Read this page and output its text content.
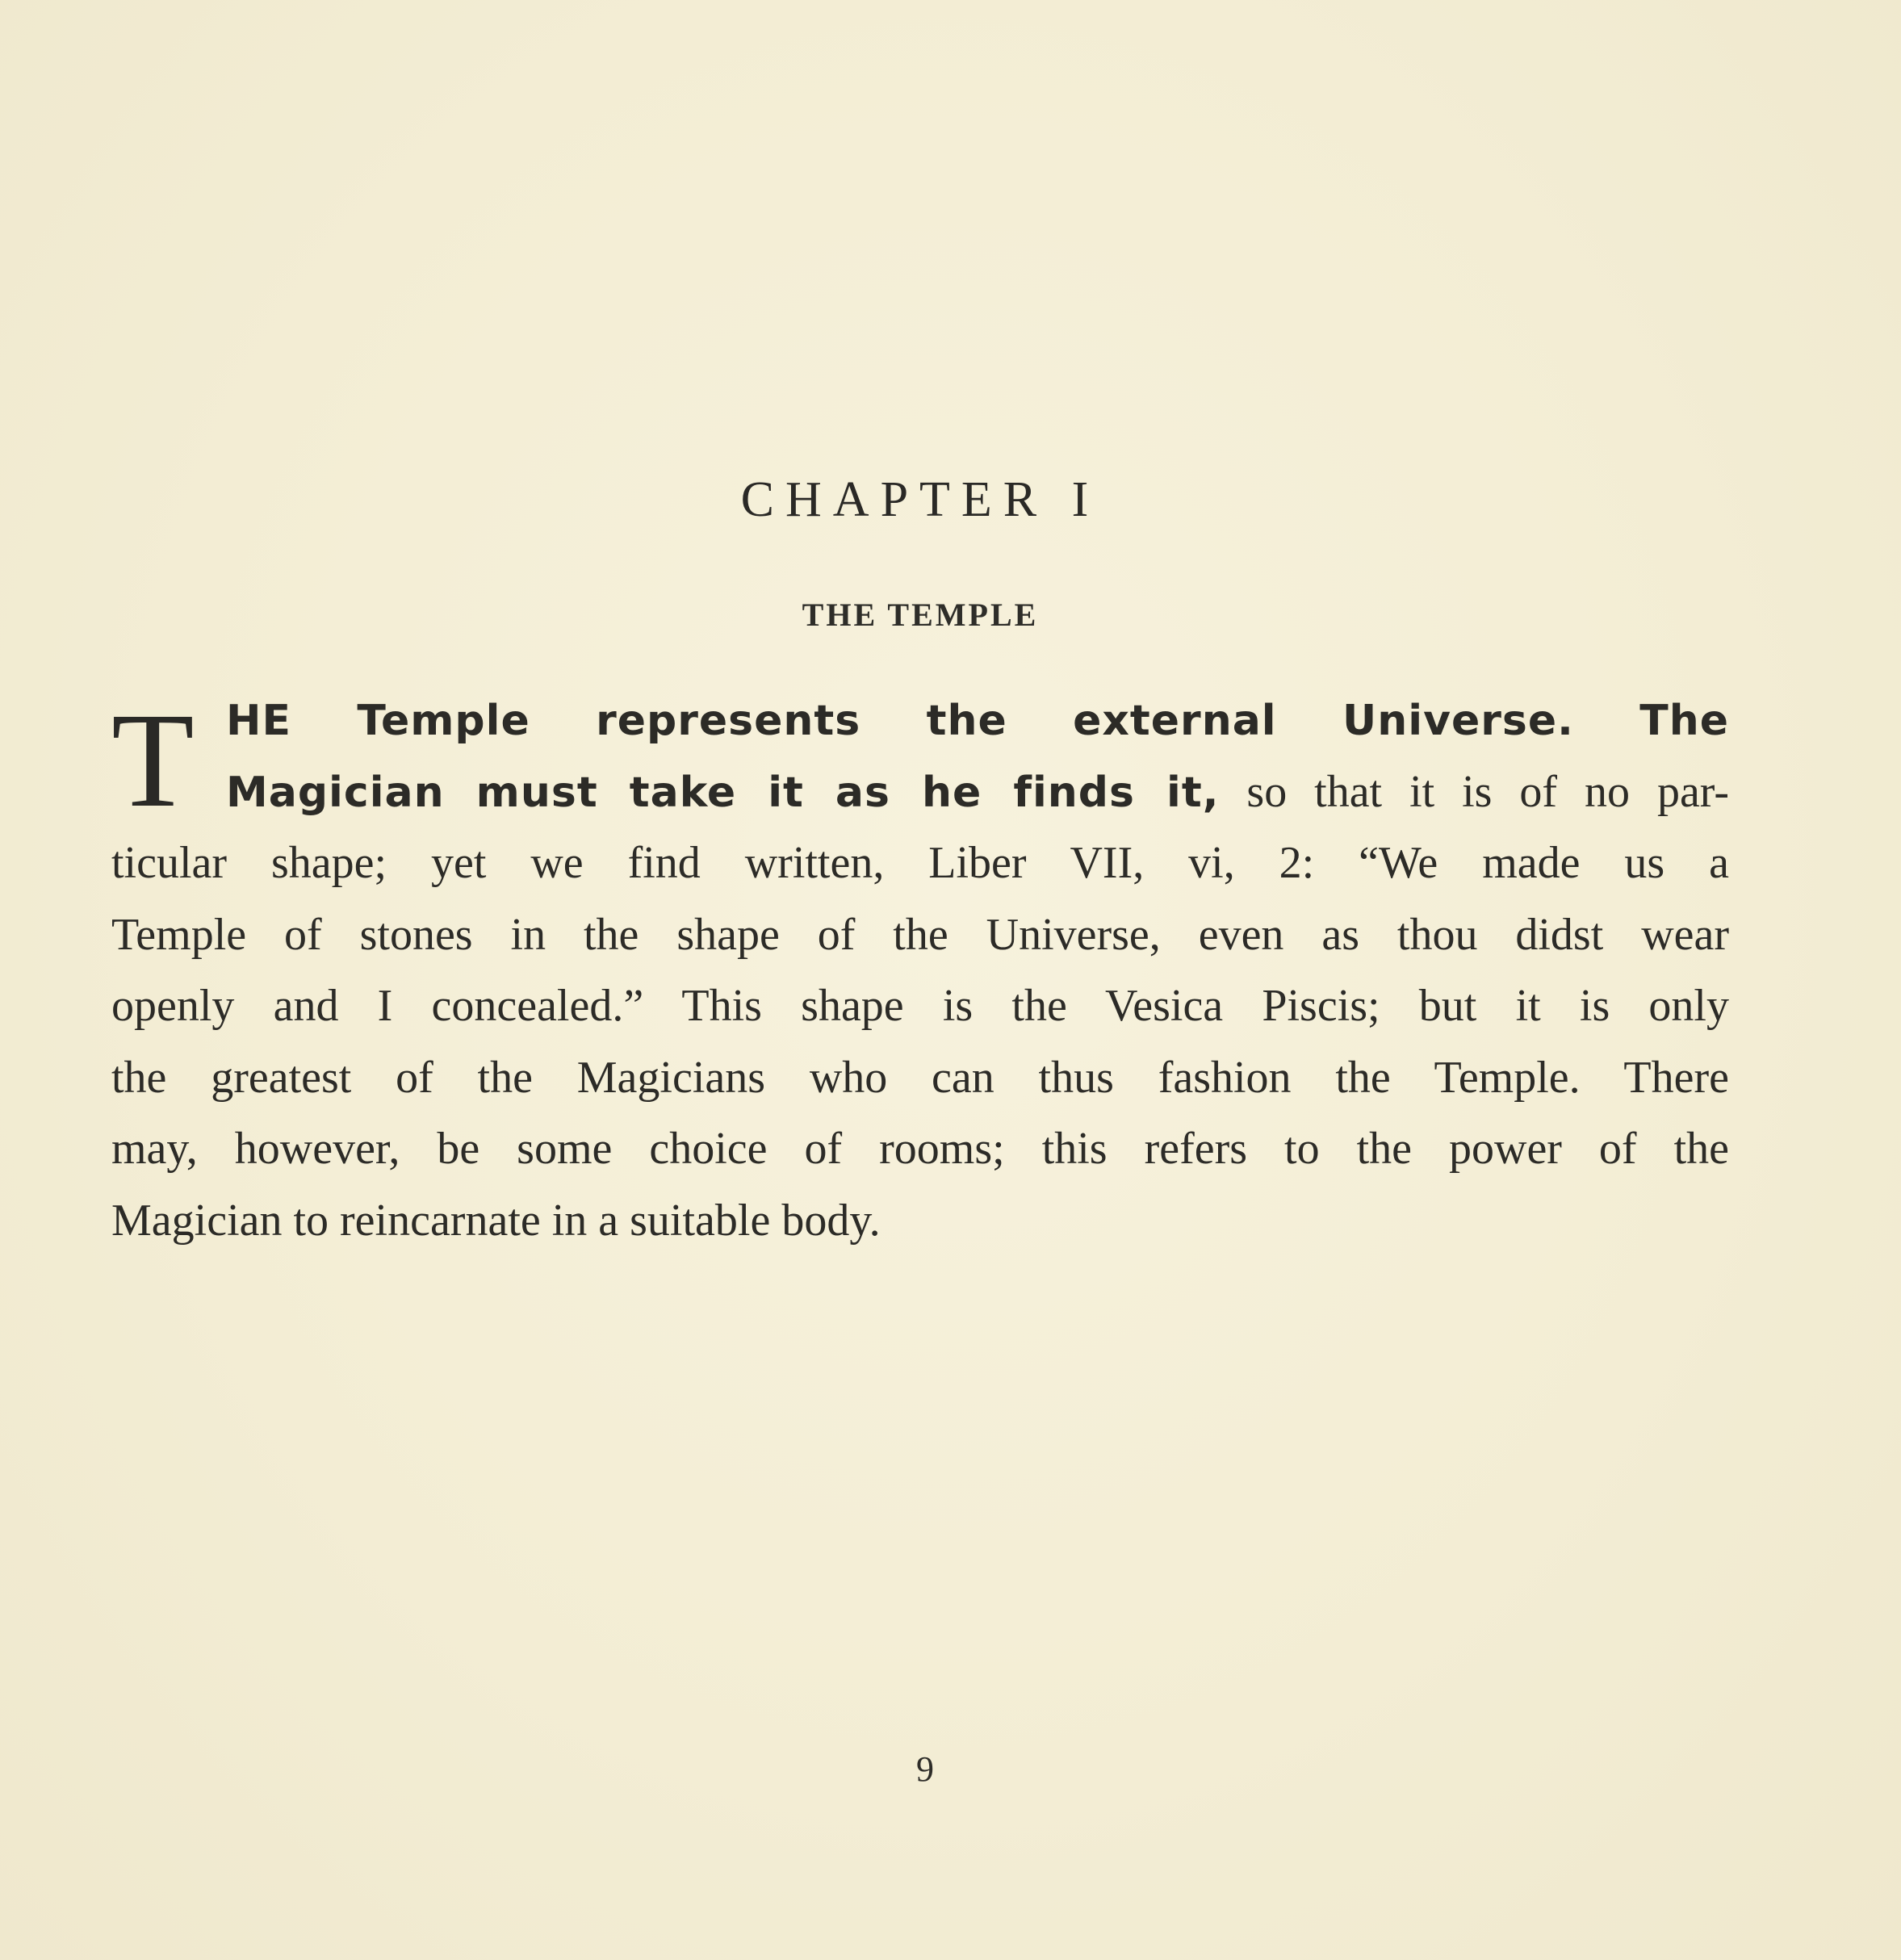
CHAPTER I
THE TEMPLE
T HE Temple represents the external Universe. The
Magician must take it as he finds it, so that it is of no par-
ticular shape; yet we find written, Liber VII, vi, 2: “We made us a
Temple of stones in the shape of the Universe, even as thou didst wear
openly and I concealed.” This shape is the Vesica Piscis; but it is only
the greatest of the Magicians who can thus fashion the Temple. There
may, however, be some choice of rooms; this refers to the power of the
Magician to reincarnate in a suitable body.
9
